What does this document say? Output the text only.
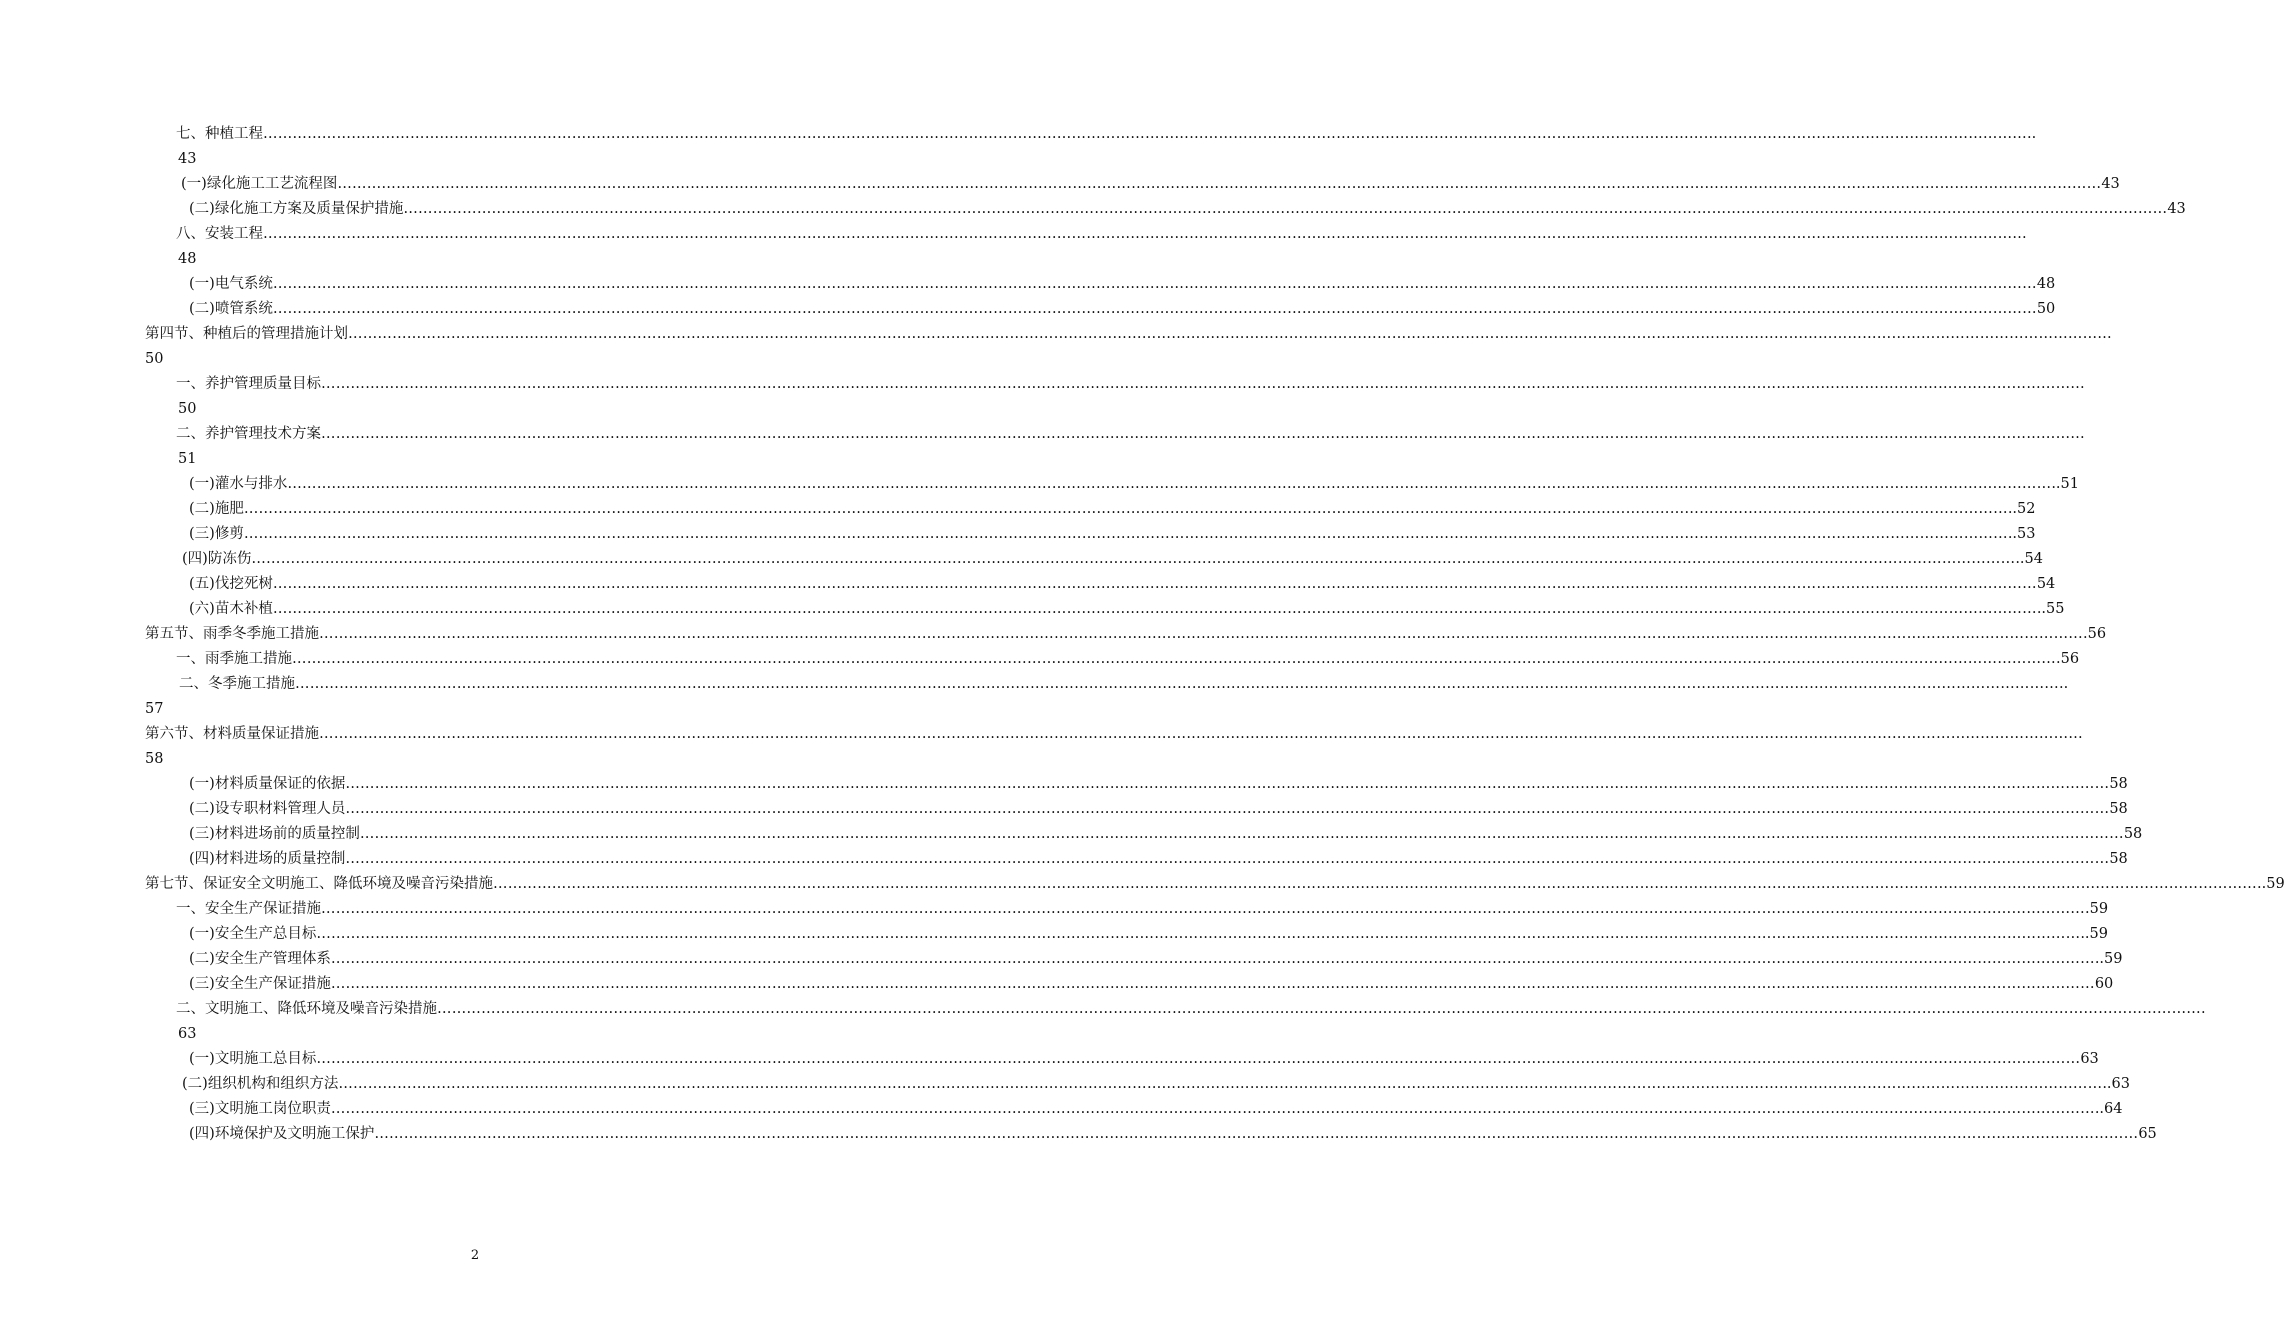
七、种植工程 ……………………………………………………………………………………………………………………………………………………………………………………………………………………………………………………………………………………………………………………………… ..
43
(一)绿化施工工艺流程图 ……………………………………………………………………………………………………………………………………………………………………………………………………………………………………………………………………………………………………………………………… 43
(二)绿化施工方案及质量保护措施 ……………………………………………………………………………………………………………………………………………………………………………………………………………………………………………………………………………………………………………………………… 43
八、安装工程 ………………………………………………………………………………………………………………………………………………………………………………………………………………………………………………………………………………………………………………………………
48
(一)电气系统 ……………………………………………………………………………………………………………………………………………………………………………………………………………………………………………………………………………………………………………………………… 48
(二)喷管系统 ……………………………………………………………………………………………………………………………………………………………………………………………………………………………………………………………………………………………………………………………… 50
第四节、种植后的管理措施计划 ………………………………………………………………………………………………………………………………………………………………………………………………………………………………………………………………………………………………………………………………
50
一、养护管理质量目标 ………………………………………………………………………………………………………………………………………………………………………………………………………………………………………………………………………………………………………………………………
50
二、养护管理技术方案 ………………………………………………………………………………………………………………………………………………………………………………………………………………………………………………………………………………………………………………………………
51
(一)灌水与排水 ……………………………………………………………………………………………………………………………………………………………………………………………………………………………………………………………………………………………………………………………… ..51
(二)施肥 ……………………………………………………………………………………………………………………………………………………………………………………………………………………………………………………………………………………………………………………………… ..52
(三)修剪 ……………………………………………………………………………………………………………………………………………………………………………………………………………………………………………………………………………………………………………………………… ..53
(四)防冻伤 ……………………………………………………………………………………………………………………………………………………………………………………………………………………………………………………………………………………………………………………………… ..54
(五)伐挖死树 ……………………………………………………………………………………………………………………………………………………………………………………………………………………………………………………………………………………………………………………………… 54
(六)苗木补植 ……………………………………………………………………………………………………………………………………………………………………………………………………………………………………………………………………………………………………………………………… ..55
第五节、雨季冬季施工措施 ……………………………………………………………………………………………………………………………………………………………………………………………………………………………………………………………………………………………………………………………… .56
一、雨季施工措施 ……………………………………………………………………………………………………………………………………………………………………………………………………………………………………………………………………………………………………………………………… .56
二、冬季施工措施 ……………………………………………………………………………………………………………………………………………………………………………………………………………………………………………………………………………………………………………………………… ..
57
第六节、材料质量保证措施 ………………………………………………………………………………………………………………………………………………………………………………………………………………………………………………………………………………………………………………………………
58
(一)材料质量保证的依据 ……………………………………………………………………………………………………………………………………………………………………………………………………………………………………………………………………………………………………………………………… 58
(二)设专职材料管理人员 ……………………………………………………………………………………………………………………………………………………………………………………………………………………………………………………………………………………………………………………………… 58
(三)材料进场前的质量控制 ……………………………………………………………………………………………………………………………………………………………………………………………………………………………………………………………………………………………………………………………… 58
(四)材料进场的质量控制 ……………………………………………………………………………………………………………………………………………………………………………………………………………………………………………………………………………………………………………………………… 58
第七节、保证安全文明施工、降低环境及噪音污染措施 ……………………………………………………………………………………………………………………………………………………………………………………………………………………………………………………………………………………………………………………………… ..59
一、安全生产保证措施 ……………………………………………………………………………………………………………………………………………………………………………………………………………………………………………………………………………………………………………………………… .59
(一)安全生产总目标 ……………………………………………………………………………………………………………………………………………………………………………………………………………………………………………………………………………………………………………………………… ..59
(二)安全生产管理体系 ……………………………………………………………………………………………………………………………………………………………………………………………………………………………………………………………………………………………………………………………… ..59
(三)安全生产保证措施 ……………………………………………………………………………………………………………………………………………………………………………………………………………………………………………………………………………………………………………………………… 60
二、文明施工、降低环境及噪音污染措施 ……………………………………………………………………………………………………………………………………………………………………………………………………………………………………………………………………………………………………………………………… .
63
(一)文明施工总目标 ……………………………………………………………………………………………………………………………………………………………………………………………………………………………………………………………………………………………………………………………… 63
(二)组织机构和组织方法 ……………………………………………………………………………………………………………………………………………………………………………………………………………………………………………………………………………………………………………………………… ..63
(三)文明施工岗位职责 ……………………………………………………………………………………………………………………………………………………………………………………………………………………………………………………………………………………………………………………………… ..64
(四)环境保护及文明施工保护 ……………………………………………………………………………………………………………………………………………………………………………………………………………………………………………………………………………………………………………………………… 65
2
